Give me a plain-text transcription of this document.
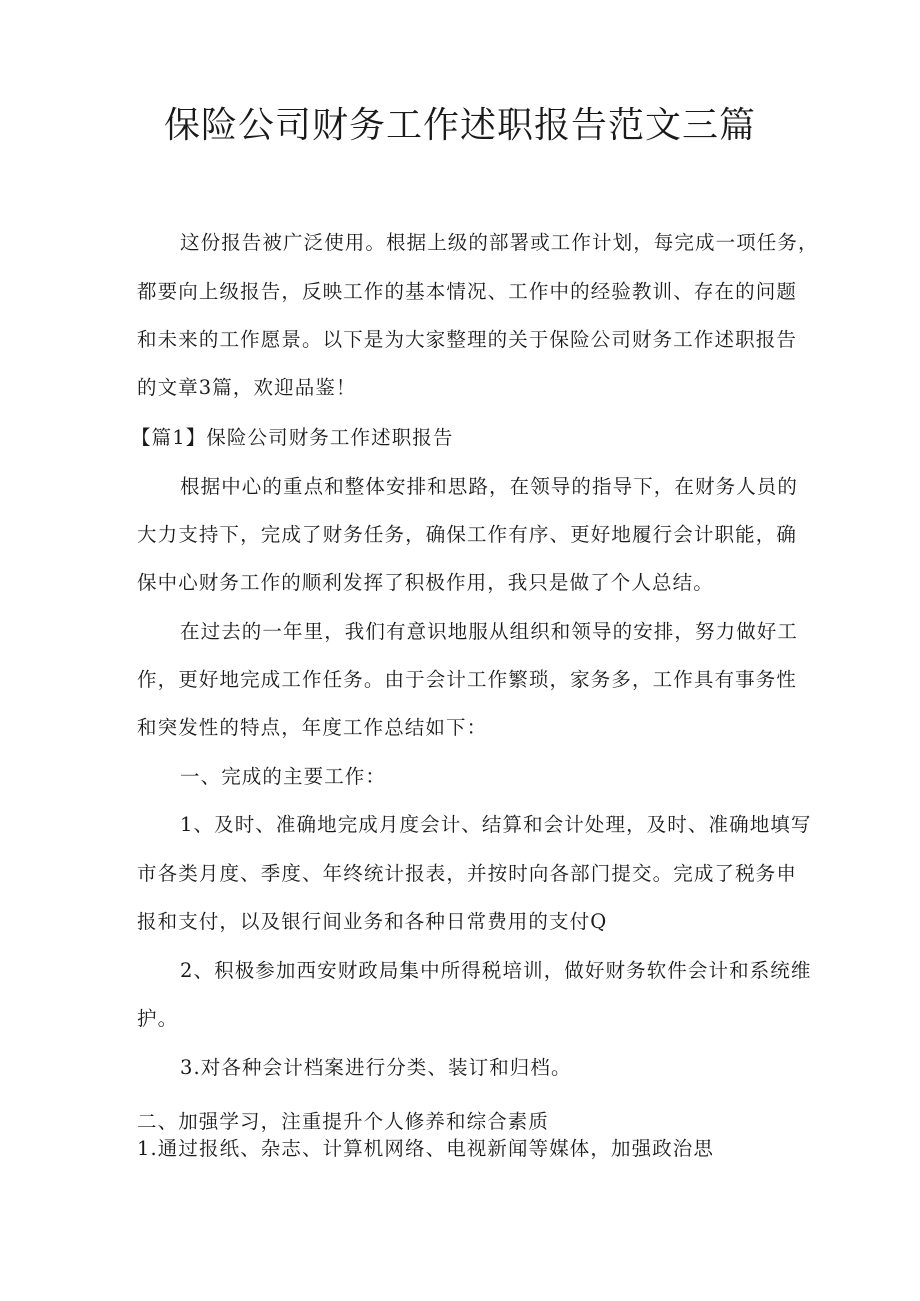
保险公司财务工作述职报告范文三篇

这份报告被广泛使用。根据上级的部署或工作计划，每完成一项任务，

都要向上级报告，反映工作的基本情况、工作中的经验教训、存在的问题

和未来的工作愿景。以下是为大家整理的关于保险公司财务工作述职报告

的文章3篇，欢迎品鉴！

【篇1】保险公司财务工作述职报告

根据中心的重点和整体安排和思路，在领导的指导下，在财务人员的

大力支持下，完成了财务任务，确保工作有序、更好地履行会计职能，确

保中心财务工作的顺利发挥了积极作用，我只是做了个人总结。

在过去的一年里，我们有意识地服从组织和领导的安排，努力做好工

作，更好地完成工作任务。由于会计工作繁琐，家务多，工作具有事务性

和突发性的特点，年度工作总结如下：

一、完成的主要工作：

1、及时、准确地完成月度会计、结算和会计处理，及时、准确地填写

市各类月度、季度、年终统计报表，并按时向各部门提交。完成了税务申

报和支付，以及银行间业务和各种日常费用的支付Q

2、积极参加西安财政局集中所得税培训，做好财务软件会计和系统维

护。

3.对各种会计档案进行分类、装订和归档。

二、加强学习，注重提升个人修养和综合素质

1.通过报纸、杂志、计算机网络、电视新闻等媒体，加强政治思
